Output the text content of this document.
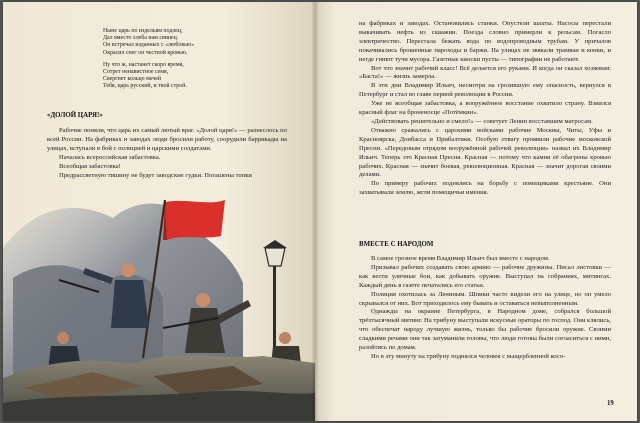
Ныне царь по издельям подлец,

Дал вместо хлеба нам свинец.

Он встречал изданных с «любовью»

Окрасил снег он честной кровью.

Ну что ж, настанет скоро время,

Сотрет ненавистное семя,

Свергнет кольцо мечей

Тебя, царь русский, и твой строй.

«ДОЛОЙ ЦАРЯ!»

Рабочие поняли, что царь их самый лютый враг. «Долой царя!» — разнеслось по всей России. На фабриках и заводах люди бросили работу, соорудили баррикады на улицах, вступали в бой с полицией и царскими солдатами.

Началась всероссийская забастовка.

Всеобщая забастовка!

Предрассветную тишину не будет заводские гудки. Погашены топки

на фабриках и заводах. Остановились станки. Опустели шахты. Насосы перестали выкачивать нефть из скважин. Поезда словно примерли к рельсам. Погасло электричество. Перестала бежать вода по водопроводным трубам. У причалов покачивались брошенные пароходы и баржи. На улицах не звякали трамваи и конки, и негде гниют тучи мусора. Газетные киоски пусты — типографии не работают.

Вот что значит рабочий класс! Всё делается его руками. И когда он сказал хозяевам: «Баста!» — жизнь замерла.

В эти дни Владимир Ильич, несмотря на грозившую ему опасность, вернулся в Петербург и стал во главе первой революции в России.

Уже не всеобщая забастовка, а вооружённое восстание охватило страну. Взвился красный флаг на броненосце «Потёмкин».

«Действовать решительно и смело!» — советует Ленин восставшим матросам.

Отважно сражались с царскими войсками рабочие Москвы, Читы, Уфы и Красноярска, Донбасса и Прибалтики. Особую отвагу проявили рабочие московской Пресни. «Передовым отрядом вооружённой рабочей революции» назвал их Владимир Ильич. Теперь это Красная Пресня. Красная — потому что камни её обагрены кровью рабочих. Красная — значит боевая, революционная. Красная — значит дорогая своими делами.

По примеру рабочих поднялись на борьбу с помещиками крестьяне. Они захватывали землю, жгли помещичьи имения.

ВМЕСТЕ С НАРОДОМ

В самое грозное время Владимир Ильич был вместе с народом.

Призывал рабочих создавать свою армию — рабочие дружины. Писал листовки — как вести уличные бои, как добывать оружие. Выступал на собраниях, митингах. Каждый день в газете печатались его статьи.

Полиция охотилась за Лениным. Шпики часто видели его на улице, но он умело скрывался от них. Вот приходилось ему бывать и оставаться невыполненным.

Однажды на окраине Петербурга, в Народном доме, собрался большой трёхтысячный митинг. На трибуну выступали искусные ораторы по господ. Они клялись, что обеспечат народу лучшую жизнь, только бы рабочие бросили оружие. Своими сладкими речами они так затуманили головы, что люди готовы были согласиться с ними, разойтись по домам.

Но в эту минуту на трибуну поднялся человек с выщербленной косо-

19
